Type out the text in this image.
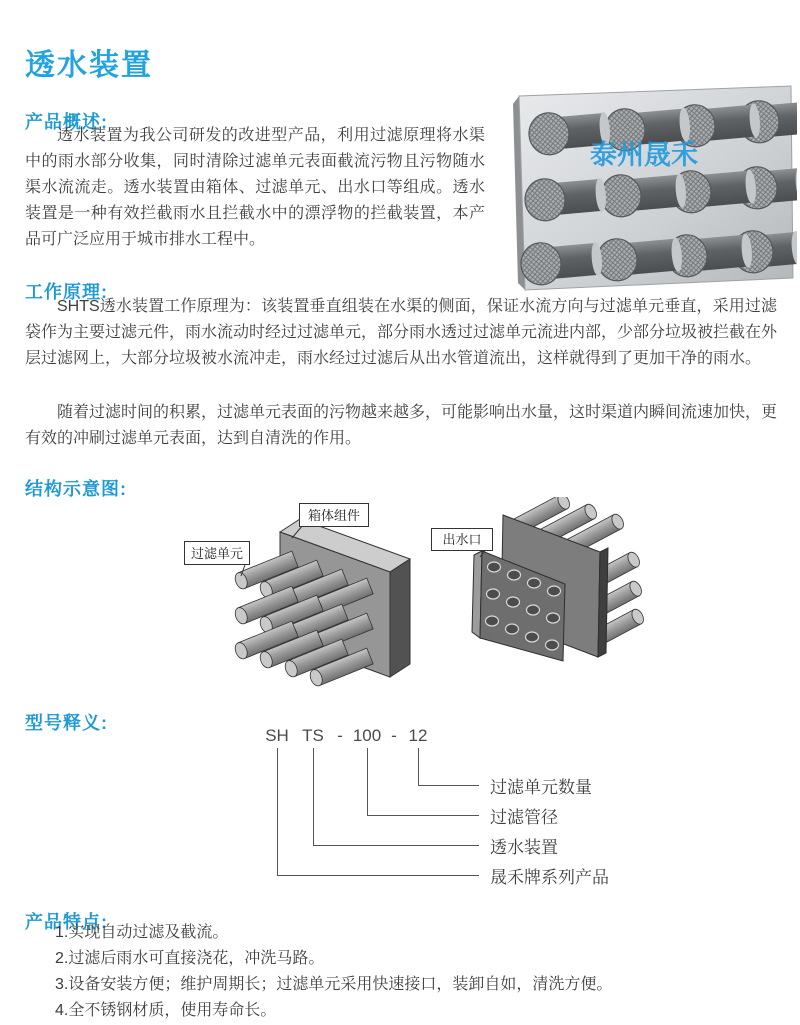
透水装置
产品概述:

透水装置为我公司研发的改进型产品，利用过滤原理将水渠中的雨水部分收集，同时清除过滤单元表面截流污物且污物随水渠水流流走。透水装置由箱体、过滤单元、出水口等组成。透水装置是一种有效拦截雨水且拦截水中的漂浮物的拦截装置，本产品可广泛应用于城市排水工程中。

泰州晟禾
工作原理:

SHTS透水装置工作原理为：该装置垂直组装在水渠的侧面，保证水流方向与过滤单元垂直，采用过滤袋作为主要过滤元件，雨水流动时经过过滤单元，部分雨水透过过滤单元流进内部，少部分垃圾被拦截在外层过滤网上，大部分垃圾被水流冲走，雨水经过过滤后从出水管道流出，这样就得到了更加干净的雨水。

随着过滤时间的积累，过滤单元表面的污物越来越多，可能影响出水量，这时渠道内瞬间流速加快，更有效的冲刷过滤单元表面，达到自清洗的作用。

结构示意图:
箱体组件
过滤单元
出水口
型号释义:
SH TS - 100 - 12
过滤单元数量
过滤管径
透水装置
晟禾牌系列产品
产品特点:
1.实现自动过滤及截流。
2.过滤后雨水可直接浇花，冲洗马路。
3.设备安装方便；维护周期长；过滤单元采用快速接口，装卸自如，清洗方便。
4.全不锈钢材质，使用寿命长。
